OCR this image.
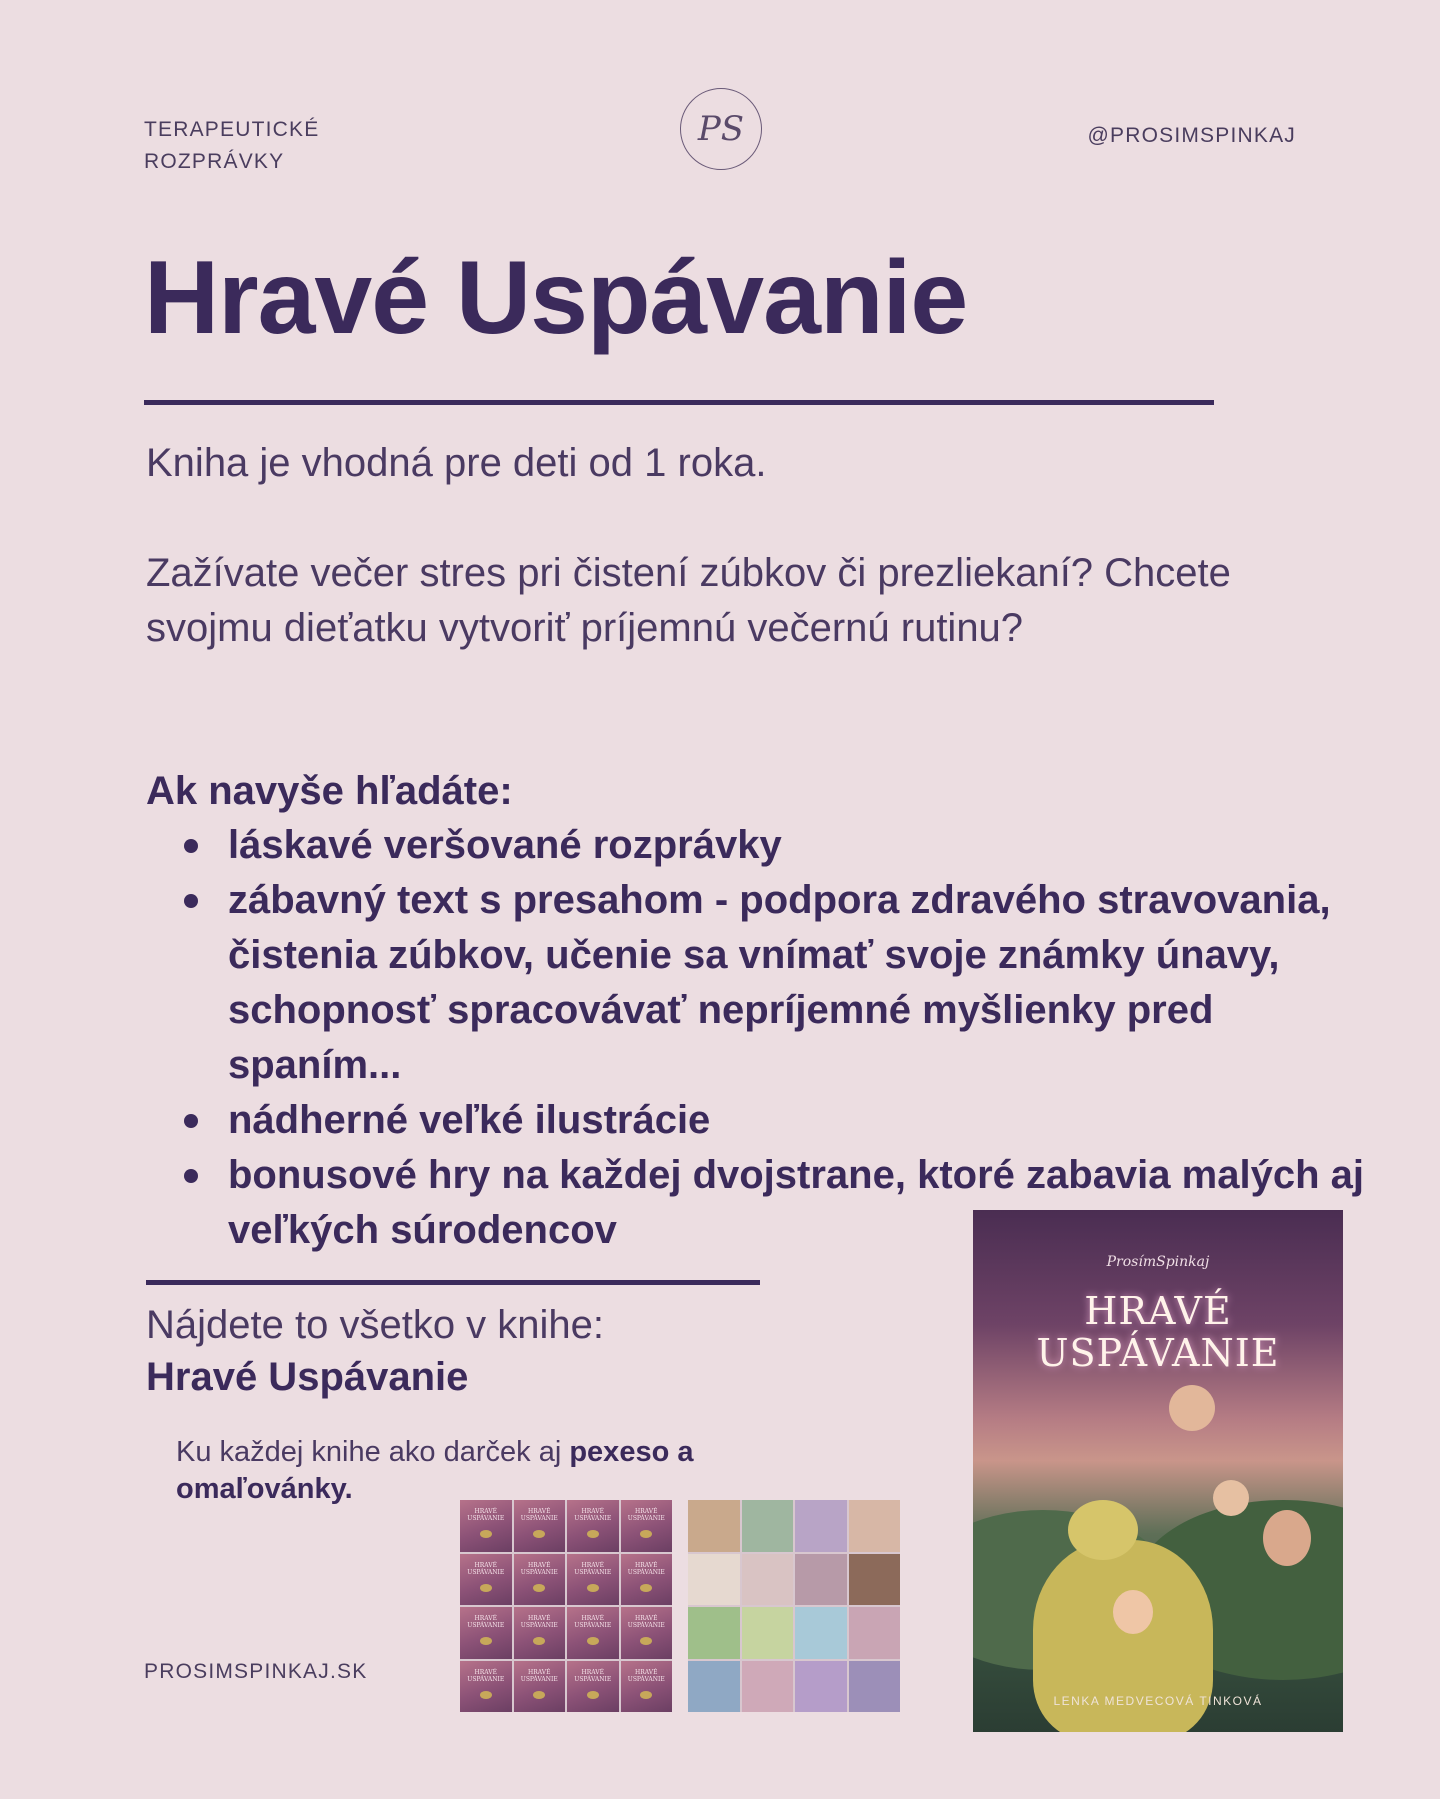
TERAPEUTICKÉ
ROZPRÁVKY
PS	@PROSIMSPINKAJ
Hravé Uspávanie
Kniha je vhodná pre deti od 1 roka.
Zažívate večer stres pri čistení zúbkov či prezliekaní? Chcete svojmu dieťatku vytvoriť príjemnú večernú rutinu?
Ak navyše hľadáte:
láskavé veršované rozprávky
zábavný text s presahom - podpora zdravého stravovania, čistenia zúbkov, učenie sa vnímať svoje známky únavy, schopnosť spracovávať nepríjemné myšlienky pred spaním...
nádherné veľké ilustrácie
bonusové hry na každej dvojstrane, ktoré zabavia malých aj veľkých súrodencov
Nájdete to všetko v knihe:
Hravé Uspávanie
Ku každej knihe ako darček aj pexeso a omaľovánky.
HRAVÉ USPÁVANIE
HRAVÉ USPÁVANIE
HRAVÉ USPÁVANIE
HRAVÉ USPÁVANIE
HRAVÉ USPÁVANIE
HRAVÉ USPÁVANIE
HRAVÉ USPÁVANIE
HRAVÉ USPÁVANIE
HRAVÉ USPÁVANIE
HRAVÉ USPÁVANIE
HRAVÉ USPÁVANIE
HRAVÉ USPÁVANIE
HRAVÉ USPÁVANIE
HRAVÉ USPÁVANIE
HRAVÉ USPÁVANIE
HRAVÉ USPÁVANIE
ProsímSpinkaj
HRAVÉ
USPÁVANIE
LENKA MEDVECOVÁ TINKOVÁ
PROSIMSPINKAJ.SK
